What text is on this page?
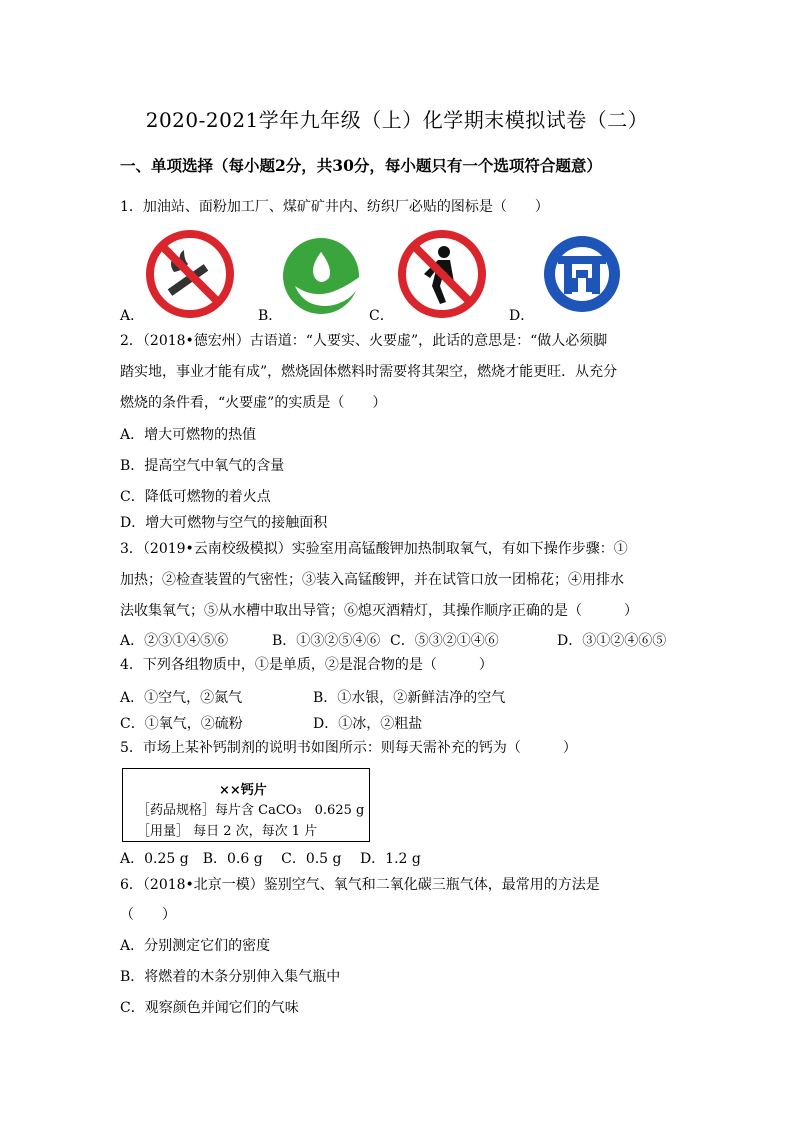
2020-2021学年九年级（上）化学期末模拟试卷（二）
一、单项选择（每小题2分，共30分，每小题只有一个选项符合题意）
1．加油站、面粉加工厂、煤矿矿井内、纺织厂必贴的图标是（　　）
A．	B．	C．	D．
2．（2018•德宏州）古语道：“人要实、火要虚”，此话的意思是：“做人必须脚
踏实地，事业才能有成”，燃烧固体燃料时需要将其架空，燃烧才能更旺．从充分
燃烧的条件看，“火要虚”的实质是（　　）
A．增大可燃物的热值
B．提高空气中氧气的含量
C．降低可燃物的着火点
D．增大可燃物与空气的接触面积
3．（2019•云南校级模拟）实验室用高锰酸钾加热制取氧气，有如下操作步骤：①
加热；②检查装置的气密性；③装入高锰酸钾，并在试管口放一团棉花；④用排水
法收集氧气；⑤从水槽中取出导管；⑥熄灭酒精灯，其操作顺序正确的是（　　　）
A．②③①④⑤⑥	B．①③②⑤④⑥ C．⑤③②①④⑥	D．③①②④⑥⑤
4．下列各组物质中，①是单质，②是混合物的是（　　　）
A．①空气，②氮气	B．①水银，②新鲜洁净的空气
C．①氧气，②硫粉	D．①冰，②粗盐
5．市场上某补钙制剂的说明书如图所示：则每天需补充的钙为（　　　）
××钙片
［药品规格］每片含 CaCO₃　0.625 g
［用量］ 每日 2 次，每次 1 片
A．0.25 g　B．0.6 g　 C．0.5 g　 D．1.2 g
6．（2018•北京一模）鉴别空气、氧气和二氧化碳三瓶气体，最常用的方法是
（　　）
A．分别测定它们的密度
B．将燃着的木条分别伸入集气瓶中
C．观察颜色并闻它们的气味
